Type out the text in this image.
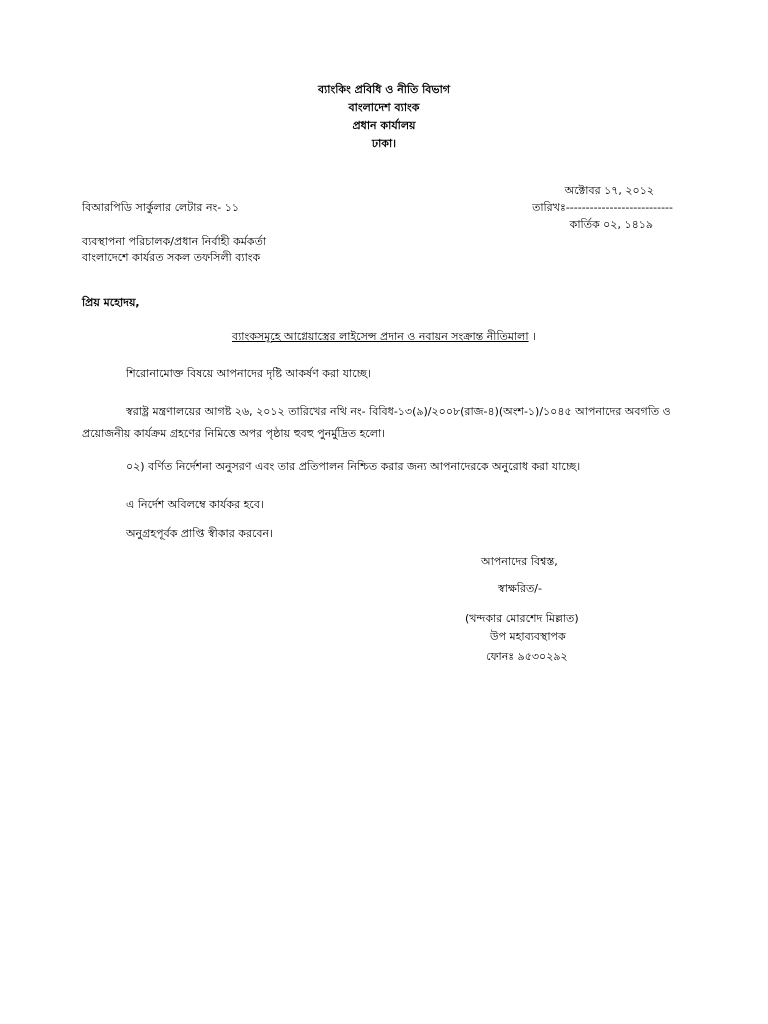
ব্যাংকিং প্রবিধি ও নীতি বিভাগ
বাংলাদেশ ব্যাংক
প্রধান কার্যালয়
ঢাকা।
অক্টোবর ১৭, ২০১২
বিআরপিডি সার্কুলার লেটার নং- ১১	তারিখঃ---------------------------
কার্তিক ০২, ১৪১৯
ব্যবস্থাপনা পরিচালক/প্রধান নির্বাহী কর্মকর্তা
বাংলাদেশে কার্যরত সকল তফসিলী ব্যাংক
প্রিয় মহোদয়,
ব্যাংকসমূহে আগ্নেয়াস্ত্রের লাইসেন্স প্রদান ও নবায়ন সংক্রান্ত নীতিমালা ।
শিরোনামোক্ত বিষয়ে আপনাদের দৃষ্টি আকর্ষণ করা যাচ্ছে।
স্বরাষ্ট্র মন্ত্রণালয়ের আগষ্ট ২৬, ২০১২ তারিখের নথি নং- বিবিধ-১৩(৯)/২০০৮(রাজ-৪)(অংশ-১)/১০৪৫ আপনাদের অবগতি ও প্রয়োজনীয় কার্যক্রম গ্রহণের নিমিত্তে অপর পৃষ্ঠায় হুবহু পুনর্মুদ্রিত হলো।
০২) বর্ণিত নির্দেশনা অনুসরণ এবং তার প্রতিপালন নিশ্চিত করার জন্য আপনাদেরকে অনুরোধ করা যাচ্ছে।
এ নির্দেশ অবিলম্বে কার্যকর হবে।
অনুগ্রহপূর্বক প্রাপ্তি স্বীকার করবেন।
আপনাদের বিশ্বস্ত,
স্বাক্ষরিত/-
(খন্দকার মোরশেদ মিল্লাত)
উপ মহাব্যবস্থাপক
ফোনঃ ৯৫৩০২৯২
